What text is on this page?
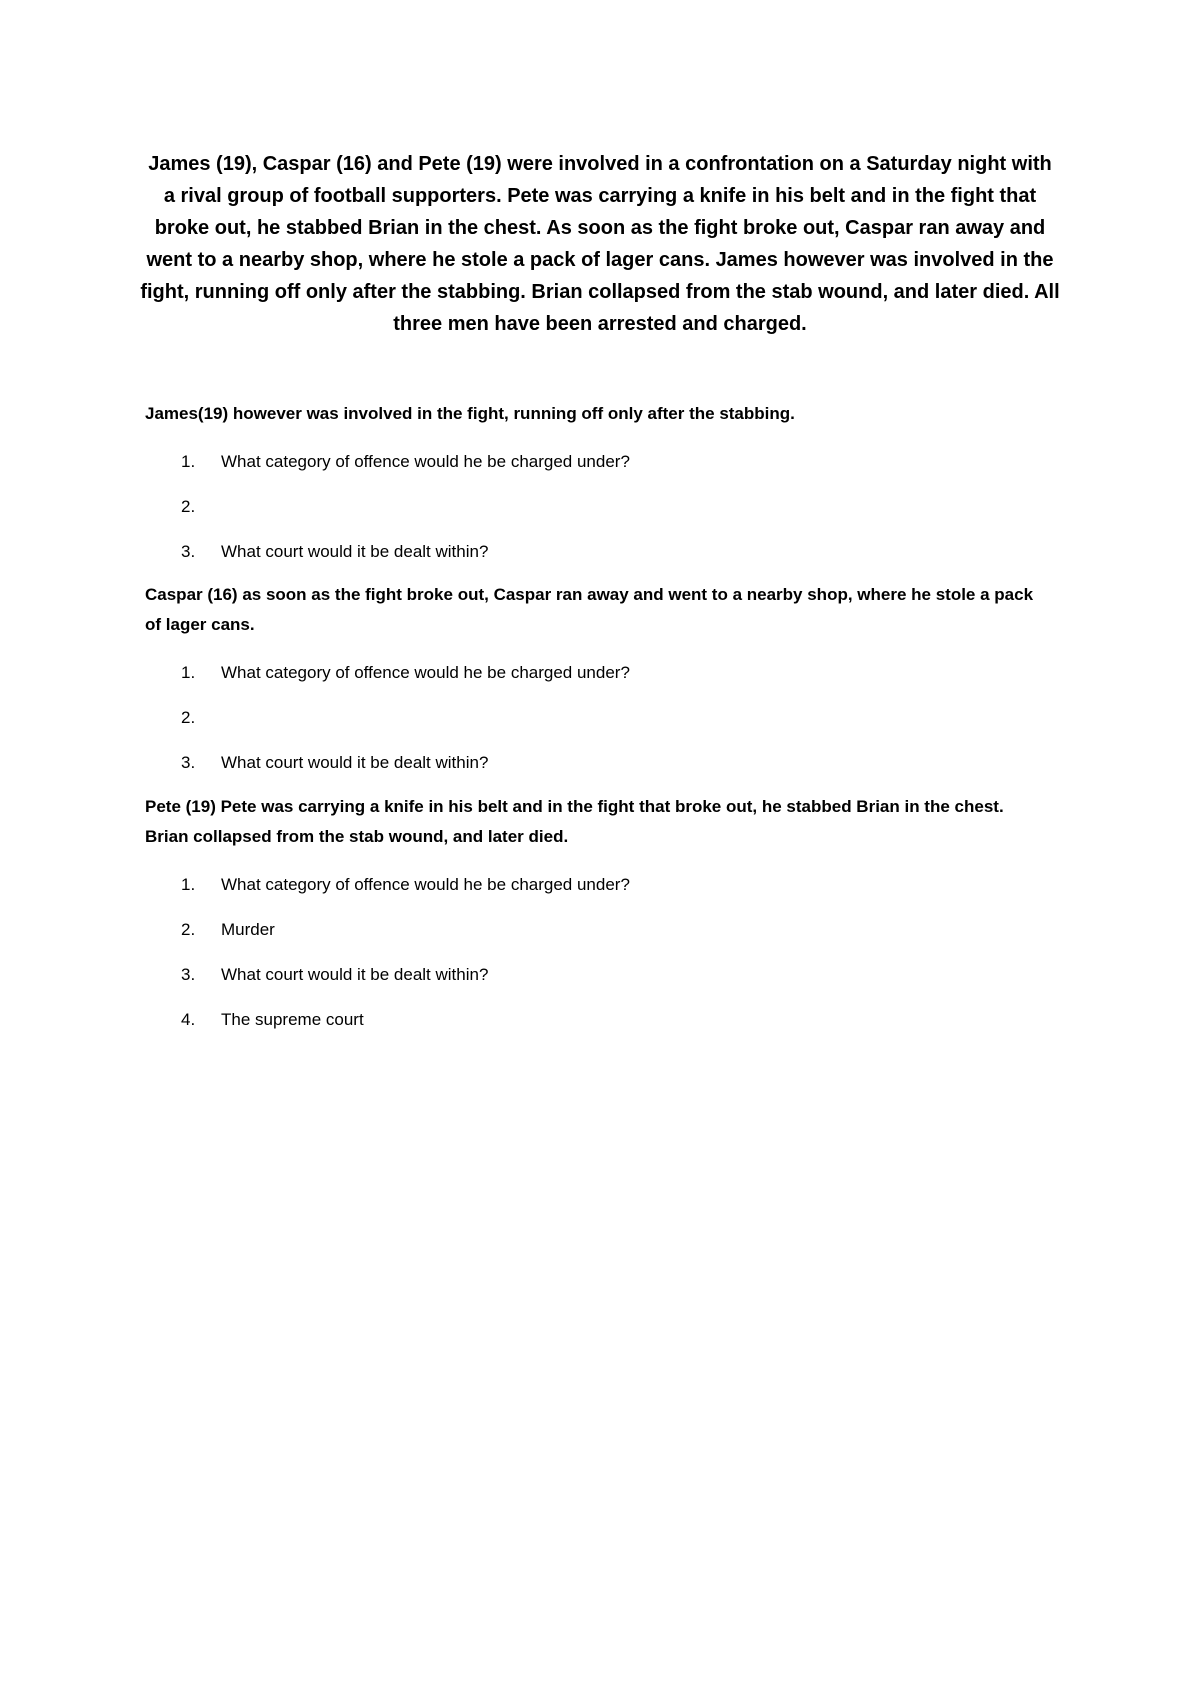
James (19), Caspar (16) and Pete (19) were involved in a confrontation on a Saturday night with a rival group of football supporters. Pete was carrying a knife in his belt and in the fight that broke out, he stabbed Brian in the chest. As soon as the fight broke out, Caspar ran away and went to a nearby shop, where he stole a pack of lager cans. James however was involved in the fight, running off only after the stabbing. Brian collapsed from the stab wound, and later died. All three men have been arrested and charged.

James(19) however was involved in the fight, running off only after the stabbing.

1.	What category of offence would he be charged under?
2.
3.	What court would it be dealt within?

Caspar (16) as soon as the fight broke out, Caspar ran away and went to a nearby shop, where he stole a pack of lager cans.

1.	What category of offence would he be charged under?
2.
3.	What court would it be dealt within?

Pete (19) Pete was carrying a knife in his belt and in the fight that broke out, he stabbed Brian in the chest. Brian collapsed from the stab wound, and later died.

1.	What category of offence would he be charged under?
2.	Murder
3.	What court would it be dealt within?
4.	The supreme court
